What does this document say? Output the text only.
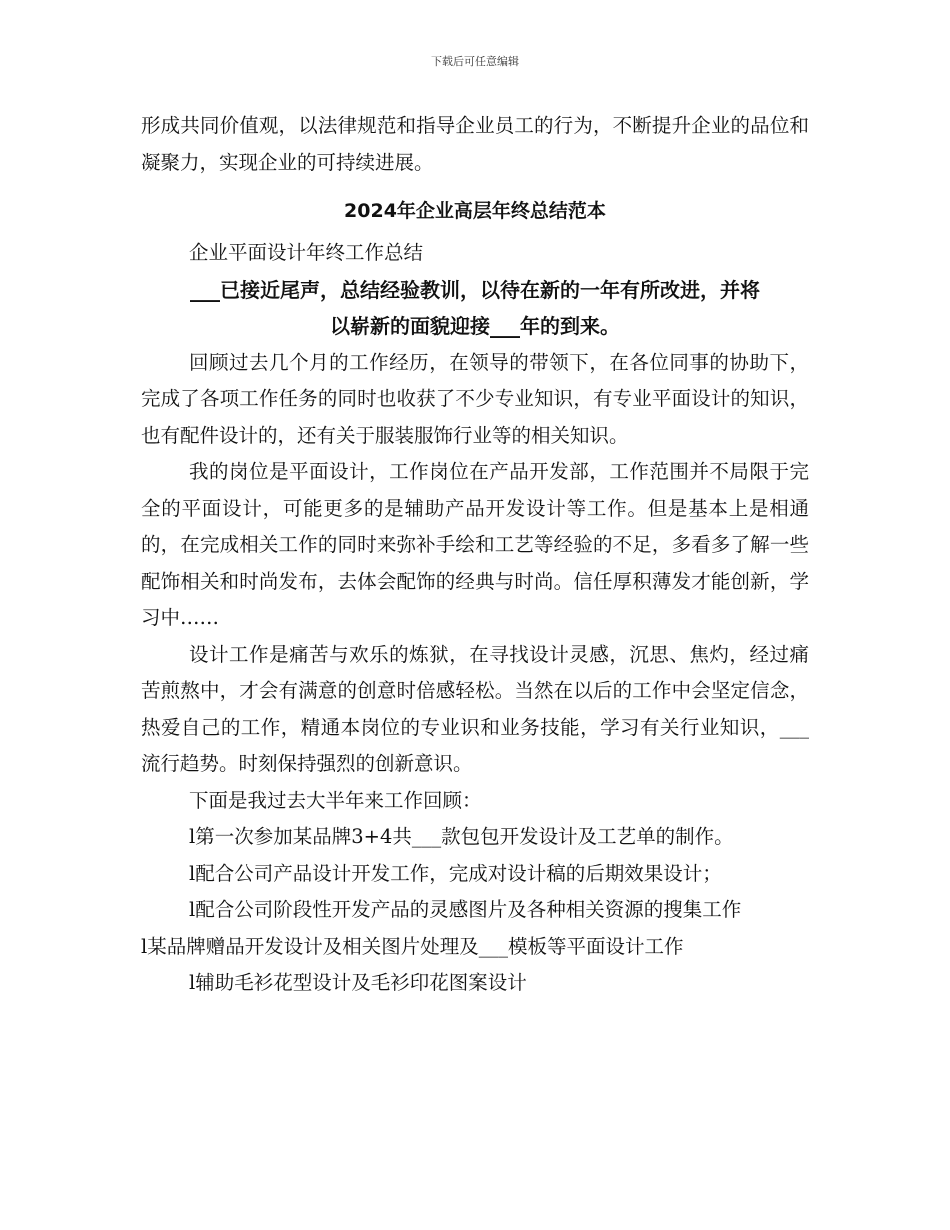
下载后可任意编辑

形成共同价值观，以法律规范和指导企业员工的行为，不断提升企业的品位和凝聚力，实现企业的可持续进展。

2024年企业高层年终总结范本

企业平面设计年终工作总结

___已接近尾声，总结经验教训，以待在新的一年有所改进，并将

以崭新的面貌迎接___年的到来。

回顾过去几个月的工作经历，在领导的带领下，在各位同事的协助下，完成了各项工作任务的同时也收获了不少专业知识，有专业平面设计的知识，也有配件设计的，还有关于服装服饰行业等的相关知识。

我的岗位是平面设计，工作岗位在产品开发部，工作范围并不局限于完全的平面设计，可能更多的是辅助产品开发设计等工作。但是基本上是相通的，在完成相关工作的同时来弥补手绘和工艺等经验的不足，多看多了解一些配饰相关和时尚发布，去体会配饰的经典与时尚。信任厚积薄发才能创新，学习中……

设计工作是痛苦与欢乐的炼狱，在寻找设计灵感，沉思、焦灼，经过痛苦煎熬中，才会有满意的创意时倍感轻松。当然在以后的工作中会坚定信念，热爱自己的工作，精通本岗位的专业识和业务技能，学习有关行业知识，___流行趋势。时刻保持强烈的创新意识。

下面是我过去大半年来工作回顾：

l第一次参加某品牌3+4共___款包包开发设计及工艺单的制作。

l配合公司产品设计开发工作，完成对设计稿的后期效果设计；

l配合公司阶段性开发产品的灵感图片及各种相关资源的搜集工作

l某品牌赠品开发设计及相关图片处理及___模板等平面设计工作

l辅助毛衫花型设计及毛衫印花图案设计
